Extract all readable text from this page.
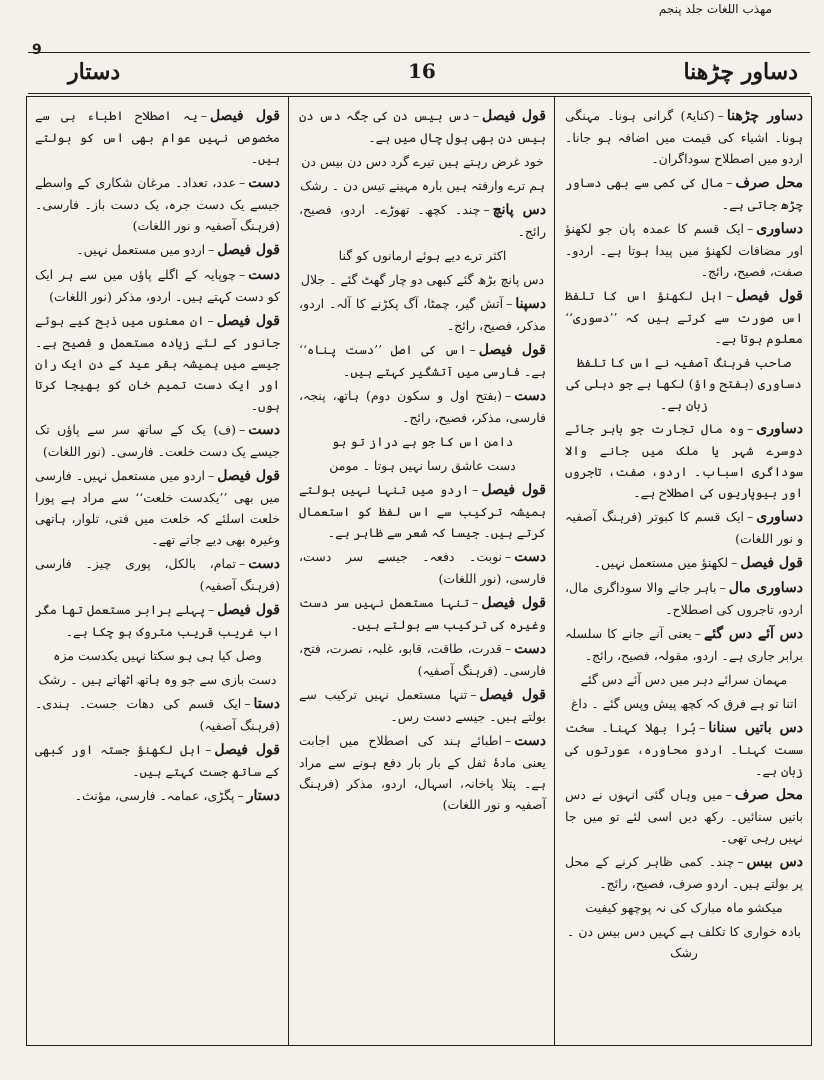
مهذب اللغات جلد پنجم
9
دستار	16	دساور چڑھنا
قول فیصل–یہ اصطلاح اطباء ہی سے مخصوص نہیں عوام بھی اس کو بولتے ہیں۔
دست–عدد، تعداد۔ مرغان شکاری کے واسطے جیسے یک دست جرہ، یک دست باز۔ فارسی۔ (فرہنگ آصفیہ و نور اللغات)
قول فیصل–اردو میں مستعمل نہیں۔
دست–چوپایہ کے اگلے پاؤں میں سے ہر ایک کو دست کہتے ہیں۔ اردو، مذکر (نور اللغات)
قول فیصل–ان معنوں میں ذبح کیے ہوئے جانور کے لئے زیادہ مستعمل و فصیح ہے۔ جیسے میں ہمیشہ بقر عید کے دن ایک ران اور ایک دست تمیم خان کو بھیجا کرتا ہوں۔
دست–(ف) یک کے ساتھ سر سے پاؤں تک جیسے یک دست خلعت۔ فارسی۔ (نور اللغات)
قول فیصل–اردو میں مستعمل نہیں۔ فارسی میں بھی ’’یکدست خلعت‘‘ سے مراد ہے پورا خلعت اسلئے کہ خلعت میں فتی، تلوار، ہاتھی وغیرہ بھی دیے جاتے تھے۔
دست–تمام، بالکل، پوری چیز۔ فارسی (فرہنگ آصفیہ)
قول فیصل–پہلے برابر مستعمل تھا مگر اب غریب قریب متروک ہو چکا ہے۔
وصل کیا ہی ہو سکتا نہیں یکدست مزہ
دست بازی سے جو وہ ہاتھ اٹھاتے ہیں ۔ رشک
دستا–ایک قسم کی دھات جست۔ ہندی۔ (فرہنگ آصفیہ)
قول فیصل–اہل لکھنؤ جستہ اور کبھی کے ساتھ جست کہتے ہیں۔
دستار–پگڑی، عمامہ۔ فارسی، مؤنث۔
قول فیصل–دس بیس دن کی جگہ دس دن بیس دن بھی بول چال میں ہے۔
خود غرض رہتے ہیں تیرے گرد دس دن بیس دن
ہم ترے وارفتہ ہیں بارہ مہینے تیس دن ۔ رشک
دس پانچ–چند۔ کچھ۔ تھوڑے۔ اردو، فصیح، رائج۔
اکثر ترے دیے ہوئے ارمانوں کو گنا
دس پانچ بڑھ گئے کبھی دو چار گھٹ گئے ۔ جلال
دسپنا–آتش گیر، چمٹا، آگ پکڑنے کا آلہ۔ اردو، مذکر، فصیح، رائج۔
قول فیصل–اس کی اصل ’’دست پناہ‘‘ ہے۔ فارسی میں آتشگیر کہتے ہیں۔
دست–(بفتح اول و سکون دوم) ہاتھ، پنجہ، فارسی، مذکر، فصیح، رائج۔
دامن اس کا جو ہے دراز تو ہو
دست عاشق رسا نہیں ہوتا ۔ مومن
قول فیصل–اردو میں تنہا نہیں بولتے ہمیشہ ترکیب سے اس لفظ کو استعمال کرتے ہیں۔ جیسا کہ شعر سے ظاہر ہے۔
دست–نوبت۔ دفعہ۔ جیسے سر دست، فارسی، (نور اللغات)
قول فیصل–تنہا مستعمل نہیں سر دست وغیرہ کی ترکیب سے بولتے ہیں۔
دست–قدرت، طاقت، قابو، غلبہ، نصرت، فتح، فارسی۔ (فرہنگ آصفیہ)
قول فیصل–تنہا مستعمل نہیں ترکیب سے بولتے ہیں۔ جیسے دست رس۔
دست–اطبائے ہند کی اصطلاح میں اجابت یعنی مادۂ ثفل کے بار بار دفع ہونے سے مراد ہے۔ پتلا پاخانہ، اسہال، اردو، مذکر (فرہنگ آصفیہ و نور اللغات)
دساور چڑھنا–(کنایۃً) گرانی ہونا۔ مہنگی ہونا۔ اشیاء کی قیمت میں اضافہ ہو جانا۔ اردو میں اصطلاح سوداگران۔
محل صرف–مال کی کمی سے بھی دساور چڑھ جاتی ہے۔
دساوری–ایک قسم کا عمدہ پان جو لکھنؤ اور مضافات لکھنؤ میں پیدا ہوتا ہے۔ اردو۔ صفت، فصیح، رائج۔
قول فیصل–اہل لکھنؤ اس کا تلفظ اس صورت سے کرتے ہیں کہ ’’دسوری‘‘ معلوم ہوتا ہے۔
صاحب فرہنگ آصفیہ نے اس کا تلفظ دساوری (بفتح واؤ) لکھا ہے جو دہلی کی زبان ہے۔
دساوری–وہ مال تجارت جو باہر جائے دوسرے شہر یا ملک میں جانے والا سوداگری اسباب۔ اردو، صفت، تاجروں اور بیوپاریوں کی اصطلاح ہے۔
دساوری–ایک قسم کا کبوتر (فرہنگ آصفیہ و نور اللغات)
قول فیصل–لکھنؤ میں مستعمل نہیں۔
دساوری مال–باہر جانے والا سوداگری مال، اردو، تاجروں کی اصطلاح۔
دس آئے دس گئے–یعنی آنے جانے کا سلسلہ برابر جاری ہے۔ اردو، مقولہ، فصیح، رائج۔
مہمان سرائے دہر میں دس آئے دس گئے
اتنا تو ہے فرق کہ کچھ پیش وپس گئے ۔ داغ
دس باتیں سنانا–بُرا بھلا کہنا۔ سخت سست کہنا۔ اردو محاورہ، عورتوں کی زبان ہے۔
محل صرف–میں وہاں گئی انہوں نے دس باتیں سنائیں۔ رکھ دیں اسی لئے تو میں جا نہیں رہی تھی۔
دس بیس–چند۔ کمی ظاہر کرنے کے محل پر بولتے ہیں۔ اردو صرف، فصیح، رائج۔
میکشو ماہ مبارک کی نہ پوچھو کیفیت
بادہ خواری کا تکلف ہے کہیں دس بیس دن ۔ رشک
